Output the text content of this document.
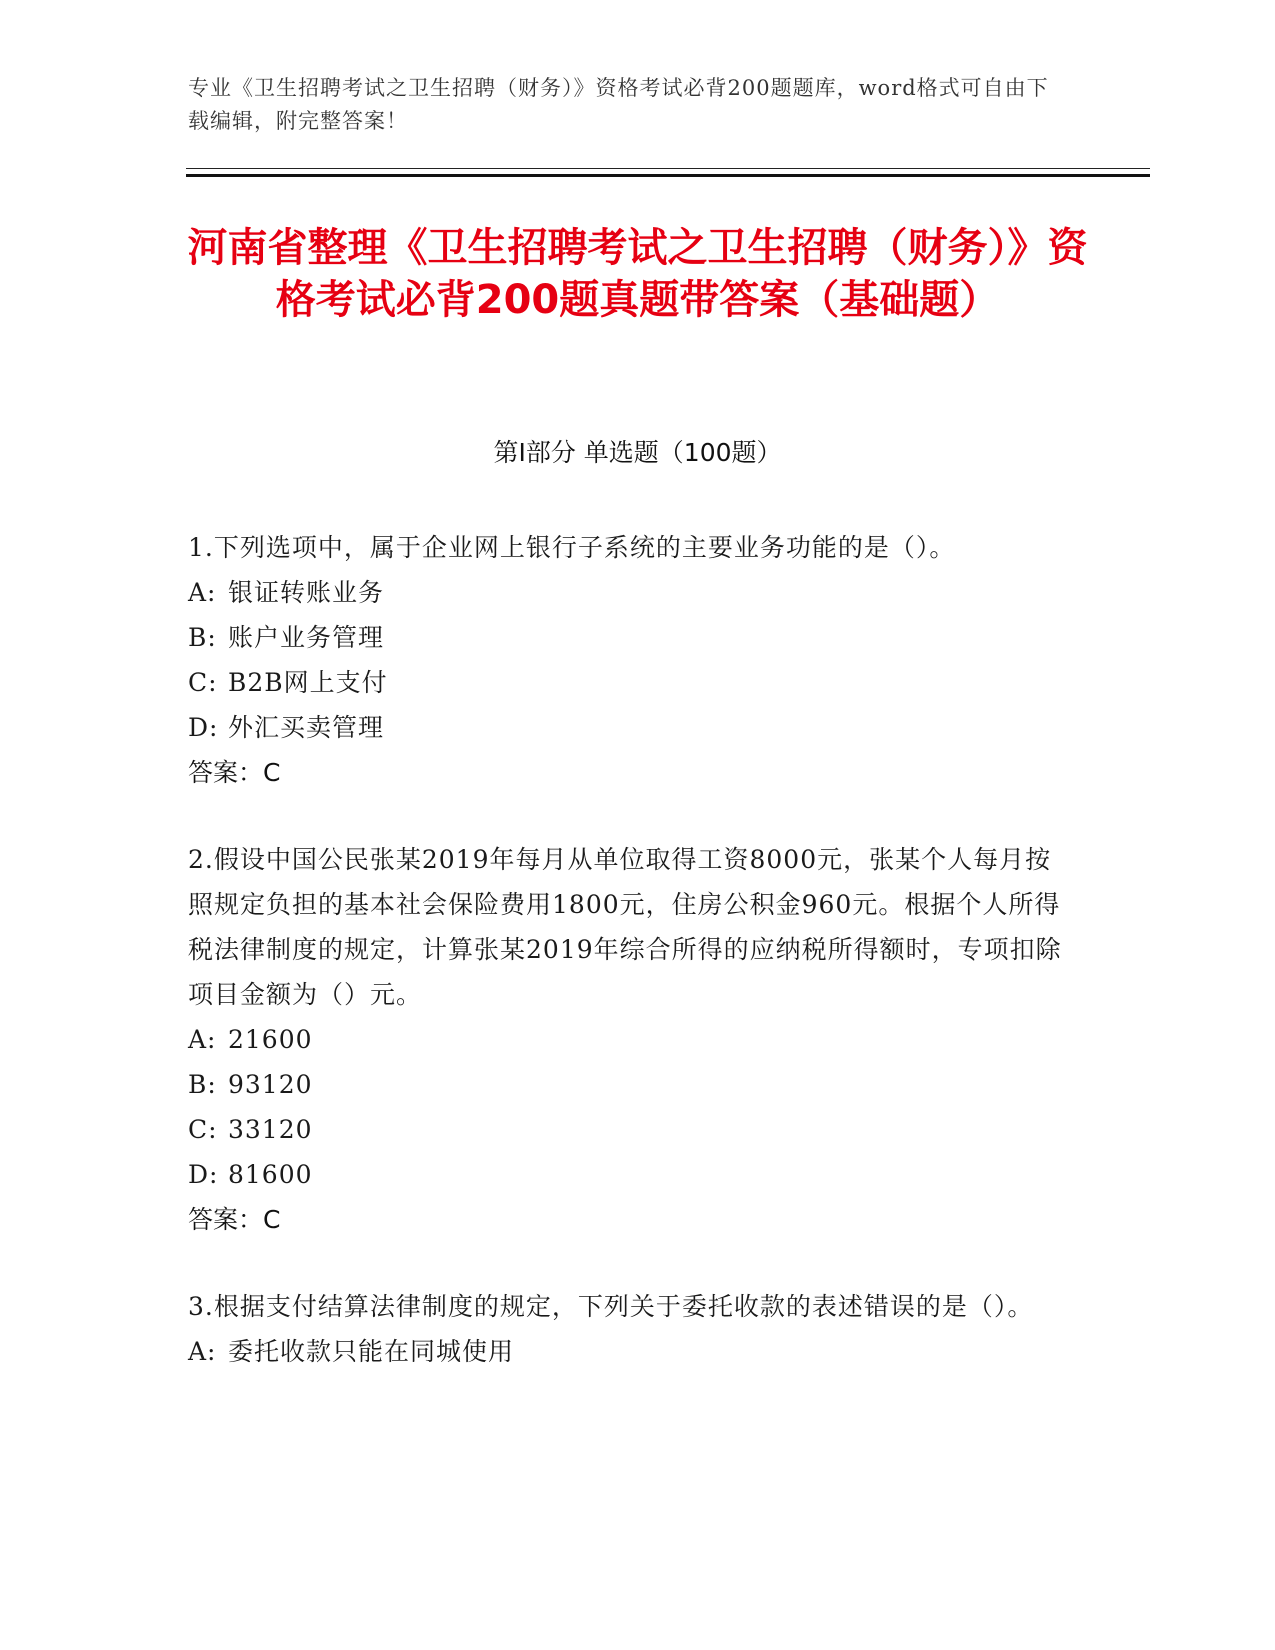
专业《卫生招聘考试之卫生招聘（财务）》资格考试必背200题题库，word格式可自由下载编辑，附完整答案！
河南省整理《卫生招聘考试之卫生招聘（财务）》资格考试必背200题真题带答案（基础题）
第Ⅰ部分 单选题（100题）

1.下列选项中，属于企业网上银行子系统的主要业务功能的是（）。

A: 银证转账业务

B: 账户业务管理

C: B2B网上支付

D: 外汇买卖管理

答案：C

2.假设中国公民张某2019年每月从单位取得工资8000元，张某个人每月按照规定负担的基本社会保险费用1800元，住房公积金960元。根据个人所得税法律制度的规定，计算张某2019年综合所得的应纳税所得额时，专项扣除项目金额为（）元。

A: 21600

B: 93120

C: 33120

D: 81600

答案：C

3.根据支付结算法律制度的规定，下列关于委托收款的表述错误的是（）。

A: 委托收款只能在同城使用
